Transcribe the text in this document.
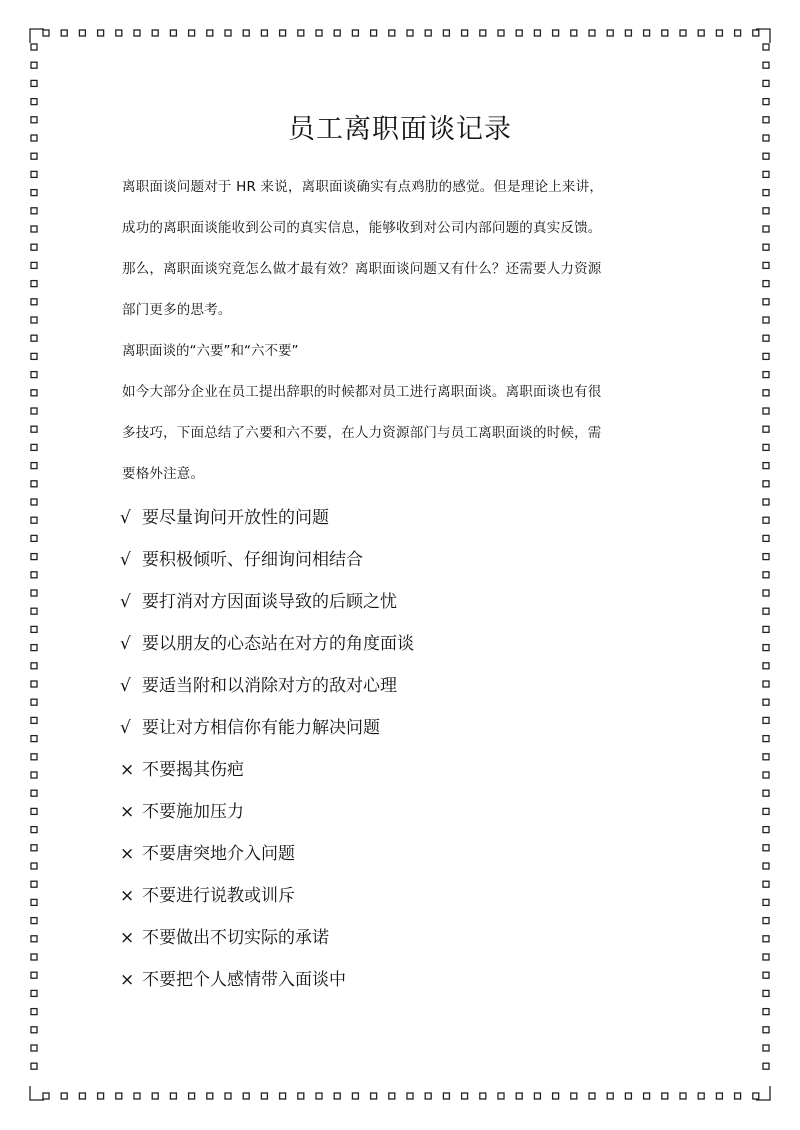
员工离职面谈记录

离职面谈问题对于 HR 来说，离职面谈确实有点鸡肋的感觉。但是理论上来讲，

成功的离职面谈能收到公司的真实信息，能够收到对公司内部问题的真实反馈。

那么，离职面谈究竟怎么做才最有效？离职面谈问题又有什么？还需要人力资源

部门更多的思考。

离职面谈的“六要”和“六不要”

如今大部分企业在员工提出辞职的时候都对员工进行离职面谈。离职面谈也有很

多技巧，下面总结了六要和六不要，在人力资源部门与员工离职面谈的时候，需

要格外注意。

√ 要尽量询问开放性的问题
√ 要积极倾听、仔细询问相结合
√ 要打消对方因面谈导致的后顾之忧
√ 要以朋友的心态站在对方的角度面谈
√ 要适当附和以消除对方的敌对心理
√ 要让对方相信你有能力解决问题
× 不要揭其伤疤
× 不要施加压力
× 不要唐突地介入问题
× 不要进行说教或训斥
× 不要做出不切实际的承诺
× 不要把个人感情带入面谈中
